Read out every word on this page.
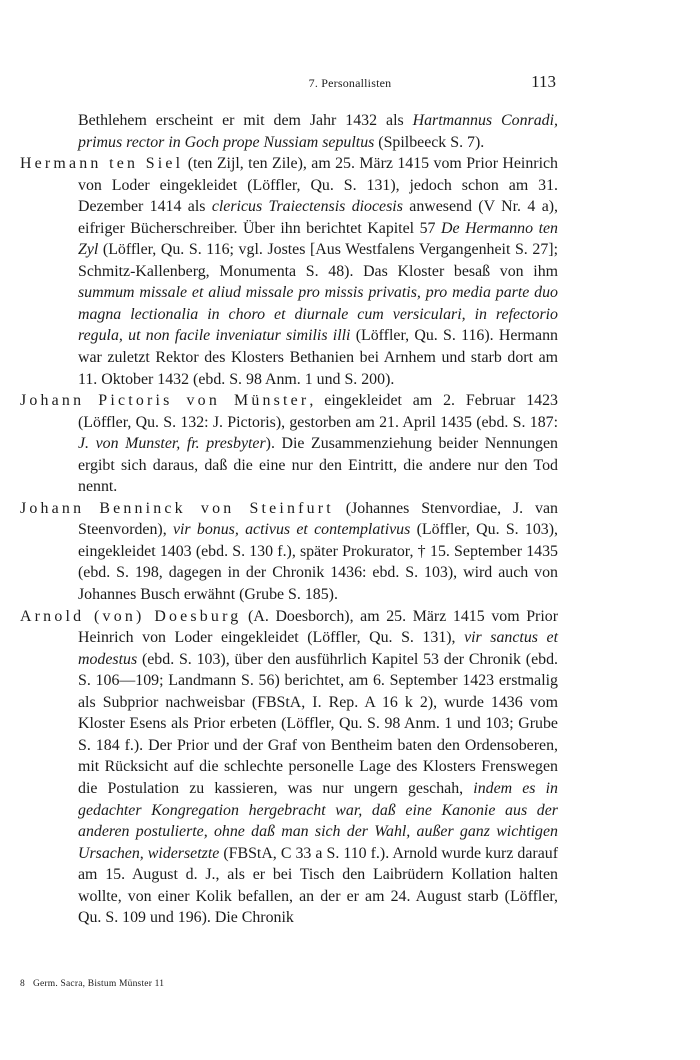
7. Personallisten	113

Bethlehem erscheint er mit dem Jahr 1432 als Hartmannus Conradi, primus rector in Goch prope Nussiam sepultus (Spilbeeck S. 7).

Hermann ten Siel (ten Zijl, ten Zile), am 25. März 1415 vom Prior Heinrich von Loder eingekleidet (Löffler, Qu. S. 131), jedoch schon am 31. Dezember 1414 als clericus Traiectensis diocesis anwesend (V Nr. 4 a), eifriger Bücherschreiber. Über ihn berichtet Kapitel 57 De Hermanno ten Zyl (Löffler, Qu. S. 116; vgl. Jostes [Aus Westfalens Vergangenheit S. 27]; Schmitz-Kallenberg, Monumenta S. 48). Das Kloster besaß von ihm summum missale et aliud missale pro missis privatis, pro media parte duo magna lectionalia in choro et diurnale cum versiculari, in refectorio regula, ut non facile inveniatur similis illi (Löffler, Qu. S. 116). Hermann war zuletzt Rektor des Klosters Bethanien bei Arnhem und starb dort am 11. Oktober 1432 (ebd. S. 98 Anm. 1 und S. 200).

Johann Pictoris von Münster, eingekleidet am 2. Februar 1423 (Löffler, Qu. S. 132: J. Pictoris), gestorben am 21. April 1435 (ebd. S. 187: J. von Munster, fr. presbyter). Die Zusammenziehung beider Nennungen ergibt sich daraus, daß die eine nur den Eintritt, die andere nur den Tod nennt.

Johann Benninck von Steinfurt (Johannes Stenvordiae, J. van Steenvorden), vir bonus, activus et contemplativus (Löffler, Qu. S. 103), eingekleidet 1403 (ebd. S. 130 f.), später Prokurator, † 15. September 1435 (ebd. S. 198, dagegen in der Chronik 1436: ebd. S. 103), wird auch von Johannes Busch erwähnt (Grube S. 185).

Arnold (von) Doesburg (A. Doesborch), am 25. März 1415 vom Prior Heinrich von Loder eingekleidet (Löffler, Qu. S. 131), vir sanctus et modestus (ebd. S. 103), über den ausführlich Kapitel 53 der Chronik (ebd. S. 106—109; Landmann S. 56) berichtet, am 6. September 1423 erstmalig als Subprior nachweisbar (FBStA, I. Rep. A 16 k 2), wurde 1436 vom Kloster Esens als Prior erbeten (Löffler, Qu. S. 98 Anm. 1 und 103; Grube S. 184 f.). Der Prior und der Graf von Bentheim baten den Ordensoberen, mit Rücksicht auf die schlechte personelle Lage des Klosters Frenswegen die Postulation zu kassieren, was nur ungern geschah, indem es in gedachter Kongregation hergebracht war, daß eine Kanonie aus der anderen postulierte, ohne daß man sich der Wahl, außer ganz wichtigen Ursachen, widersetzte (FBStA, C 33 a S. 110 f.). Arnold wurde kurz darauf am 15. August d. J., als er bei Tisch den Laibrüdern Kollation halten wollte, von einer Kolik befallen, an der er am 24. August starb (Löffler, Qu. S. 109 und 196). Die Chronik

8 Germ. Sacra, Bistum Münster 11
